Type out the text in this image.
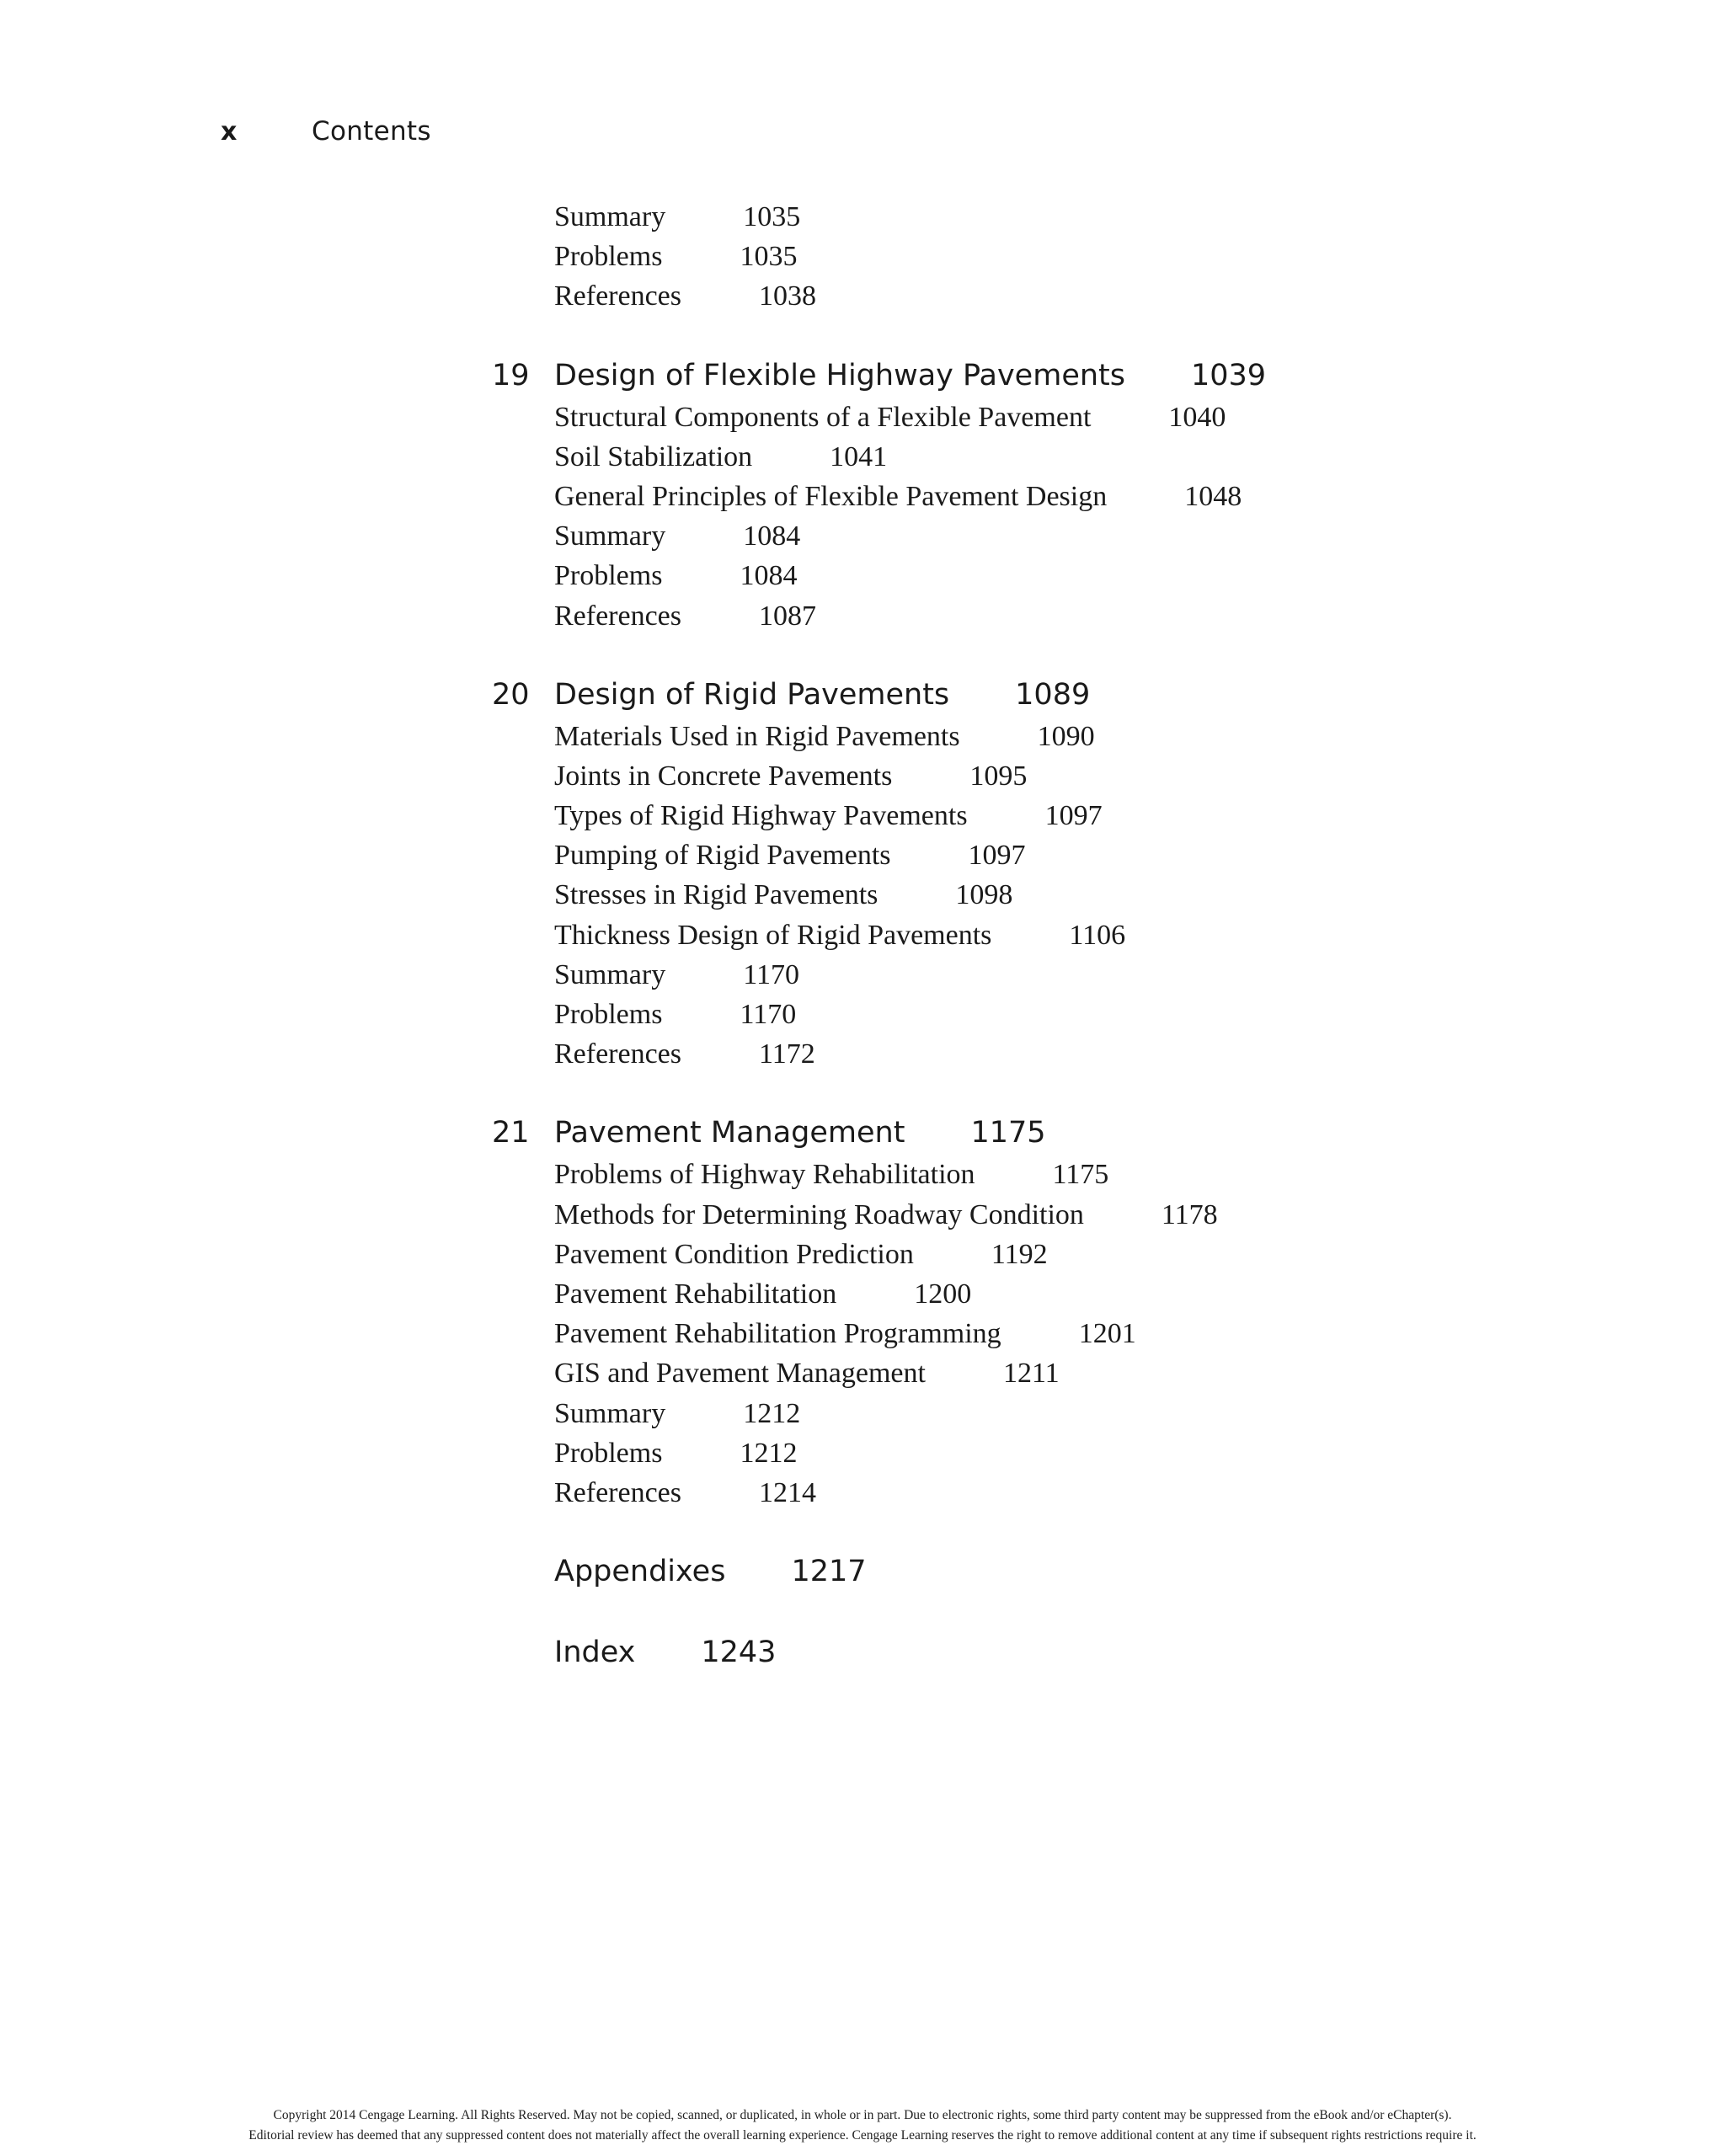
x	Contents
Summary	1035
Problems	1035
References	1038
19 Design of Flexible Highway Pavements 1039
Structural Components of a Flexible Pavement	1040
Soil Stabilization	1041
General Principles of Flexible Pavement Design	1048
Summary	1084
Problems	1084
References	1087
20 Design of Rigid Pavements 1089
Materials Used in Rigid Pavements	1090
Joints in Concrete Pavements	1095
Types of Rigid Highway Pavements	1097
Pumping of Rigid Pavements	1097
Stresses in Rigid Pavements	1098
Thickness Design of Rigid Pavements	1106
Summary	1170
Problems	1170
References	1172
21 Pavement Management 1175
Problems of Highway Rehabilitation	1175
Methods for Determining Roadway Condition	1178
Pavement Condition Prediction	1192
Pavement Rehabilitation	1200
Pavement Rehabilitation Programming	1201
GIS and Pavement Management	1211
Summary	1212
Problems	1212
References	1214
Appendixes 1217
Index 1243
Copyright 2014 Cengage Learning. All Rights Reserved. May not be copied, scanned, or duplicated, in whole or in part. Due to electronic rights, some third party content may be suppressed from the eBook and/or eChapter(s).
Editorial review has deemed that any suppressed content does not materially affect the overall learning experience. Cengage Learning reserves the right to remove additional content at any time if subsequent rights restrictions require it.
